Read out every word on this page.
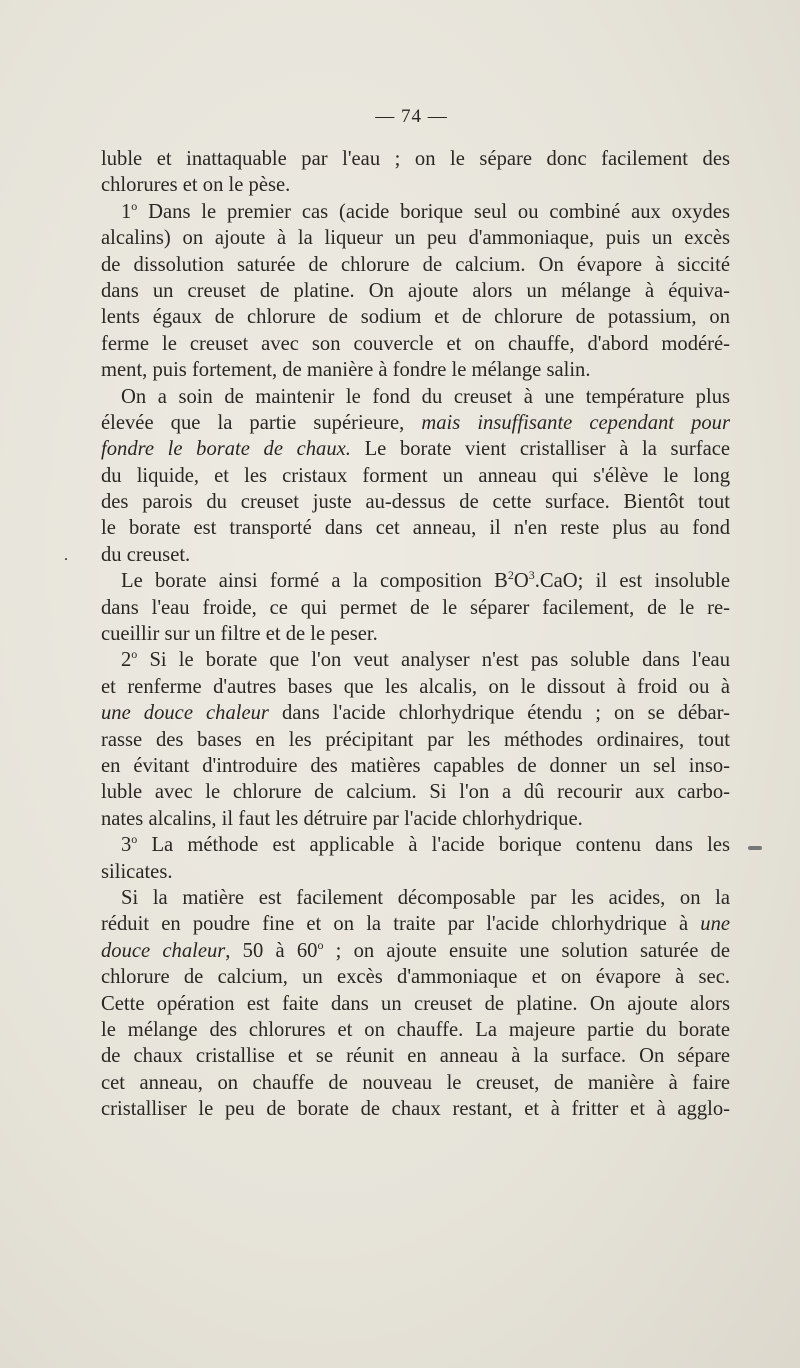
— 74 —
.
luble et inattaquable par l'eau ; on le sépare donc facilement des
chlorures et on le pèse.
1$^o$ Dans le premier cas (acide borique seul ou combiné aux oxydes
alcalins) on ajoute à la liqueur un peu d'ammoniaque, puis un excès
de dissolution saturée de chlorure de calcium. On évapore à siccité
dans un creuset de platine. On ajoute alors un mélange à équiva-
lents égaux de chlorure de sodium et de chlorure de potassium, on
ferme le creuset avec son couvercle et on chauffe, d'abord modéré-
ment, puis fortement, de manière à fondre le mélange salin.
On a soin de maintenir le fond du creuset à une température plus
élevée que la partie supérieure, mais insuffisante cependant pour
fondre le borate de chaux. Le borate vient cristalliser à la surface
du liquide, et les cristaux forment un anneau qui s'élève le long
des parois du creuset juste au-dessus de cette surface. Bientôt tout
le borate est transporté dans cet anneau, il n'en reste plus au fond
du creuset.
Le borate ainsi formé a la composition $B^2O^3.CaO$; il est insoluble
dans l'eau froide, ce qui permet de le séparer facilement, de le re-
cueillir sur un filtre et de le peser.
2$^o$ Si le borate que l'on veut analyser n'est pas soluble dans l'eau
et renferme d'autres bases que les alcalis, on le dissout à froid ou à
une douce chaleur dans l'acide chlorhydrique étendu ; on se débar-
rasse des bases en les précipitant par les méthodes ordinaires, tout
en évitant d'introduire des matières capables de donner un sel inso-
luble avec le chlorure de calcium. Si l'on a dû recourir aux carbo-
nates alcalins, il faut les détruire par l'acide chlorhydrique.
3$^o$ La méthode est applicable à l'acide borique contenu dans les
silicates.
Si la matière est facilement décomposable par les acides, on la
réduit en poudre fine et on la traite par l'acide chlorhydrique à une
douce chaleur, 50 à 60$^o$ ; on ajoute ensuite une solution saturée de
chlorure de calcium, un excès d'ammoniaque et on évapore à sec.
Cette opération est faite dans un creuset de platine. On ajoute alors
le mélange des chlorures et on chauffe. La majeure partie du borate
de chaux cristallise et se réunit en anneau à la surface. On sépare
cet anneau, on chauffe de nouveau le creuset, de manière à faire
cristalliser le peu de borate de chaux restant, et à fritter et à agglo-
